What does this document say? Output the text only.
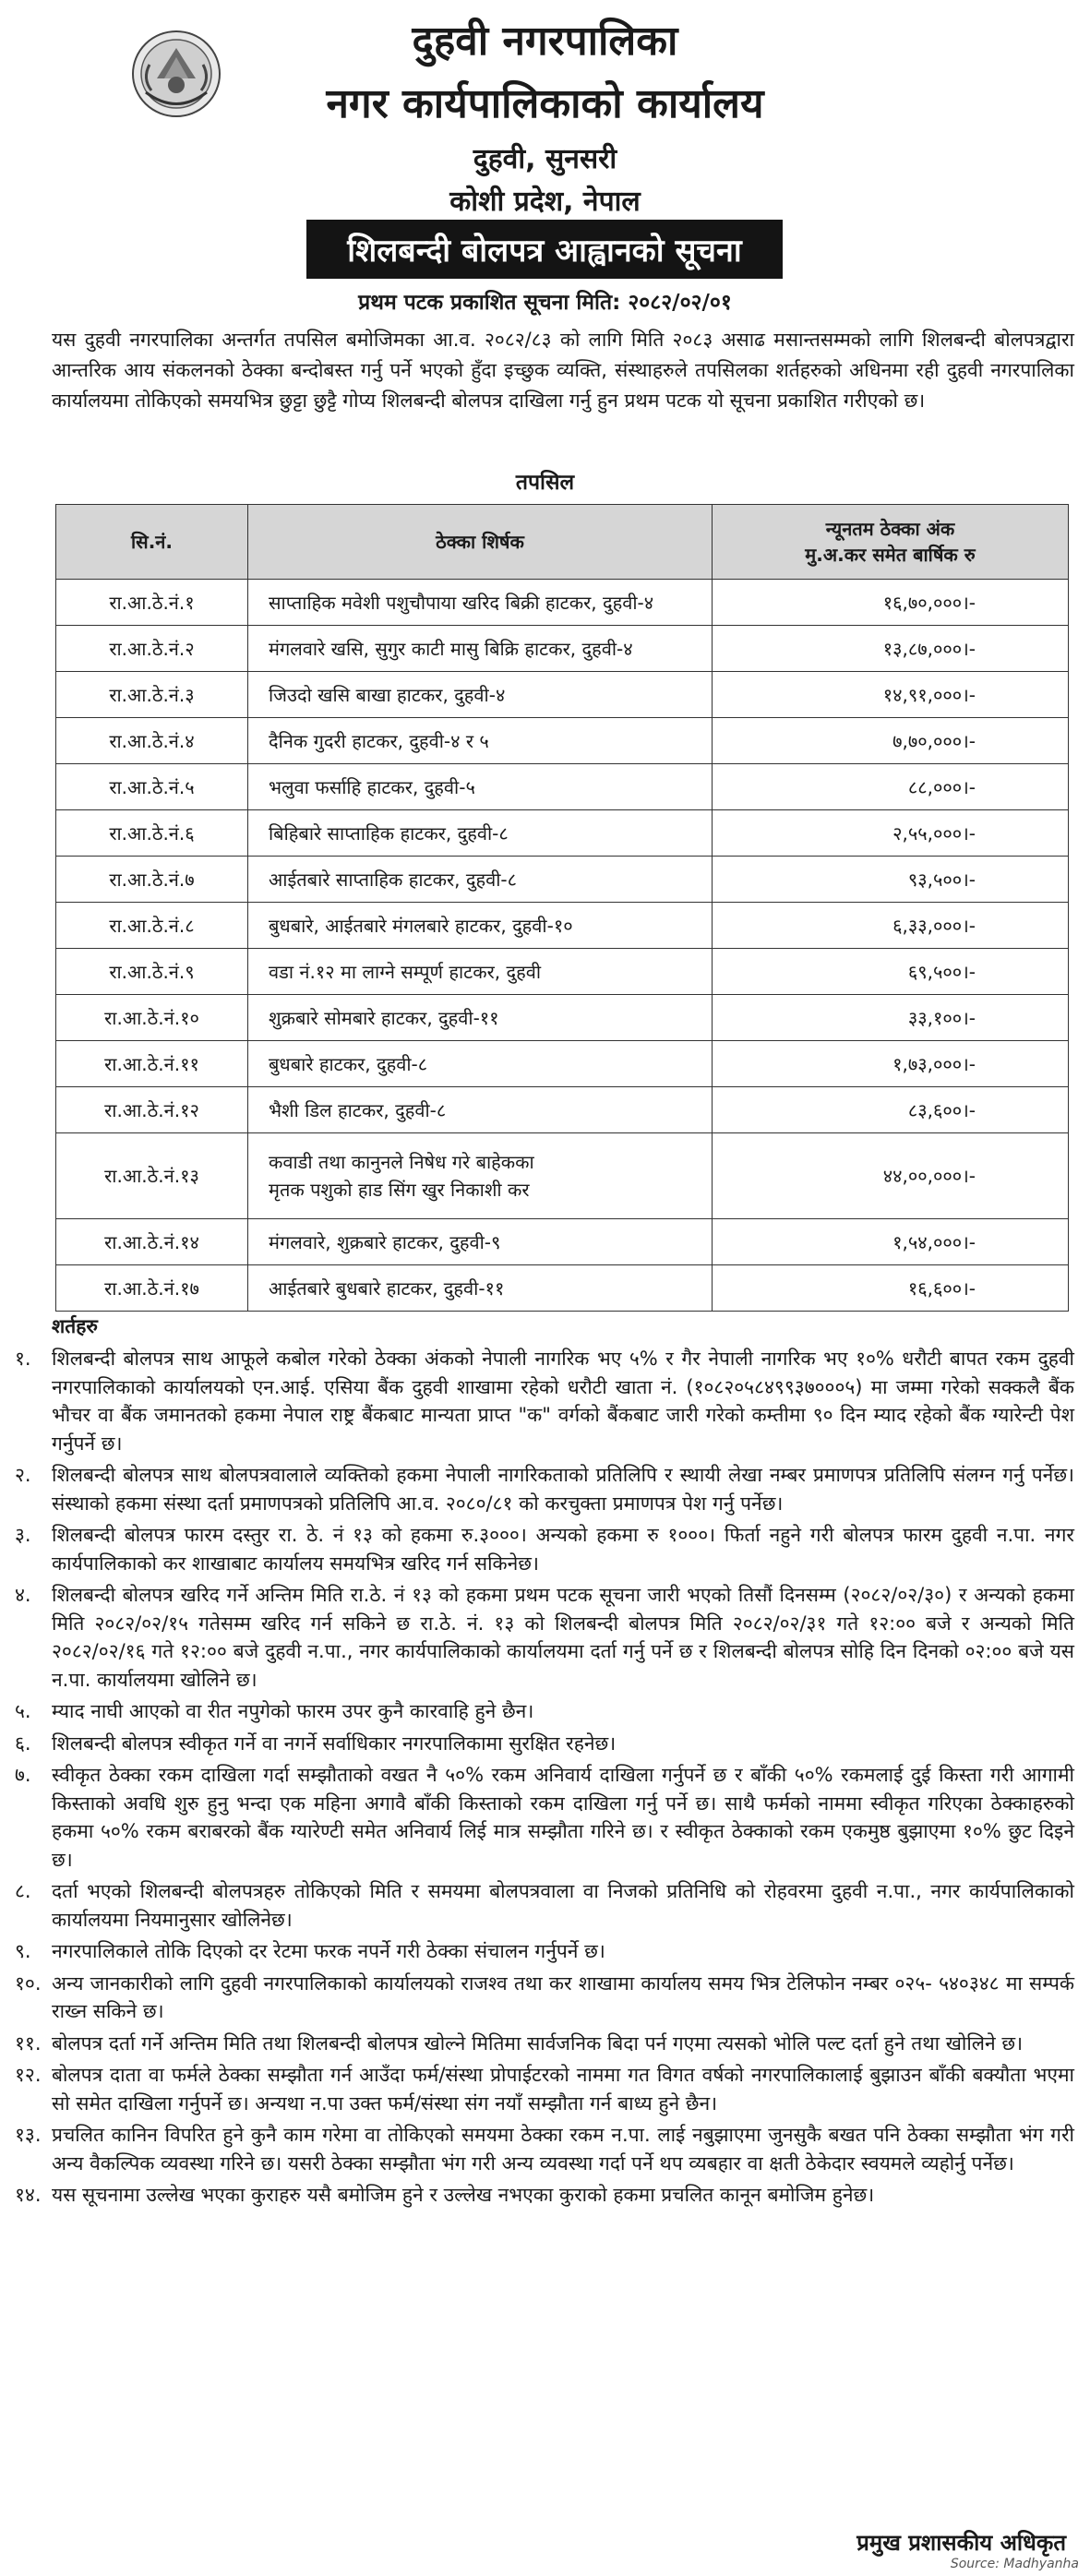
दुहवी नगरपालिका
नगर कार्यपालिकाको कार्यालय
दुहवी, सुनसरी
कोशी प्रदेश, नेपाल
शिलबन्दी बोलपत्र आह्वानको सूचना
प्रथम पटक प्रकाशित सूचना मिति: २०८२/०२/०१
यस दुहवी नगरपालिका अन्तर्गत तपसिल बमोजिमका आ.व. २०८२/८३ को लागि मिति २०८३ असाढ मसान्तसम्मको लागि शिलबन्दी बोलपत्रद्वारा आन्तरिक आय संकलनको ठेक्का बन्दोबस्त गर्नु पर्ने भएको हुँदा इच्छुक व्यक्ति, संस्थाहरुले तपसिलका शर्तहरुको अधिनमा रही दुहवी नगरपालिका कार्यालयमा तोकिएको समयभित्र छुट्टा छुट्टै गोप्य शिलबन्दी बोलपत्र दाखिला गर्नु हुन प्रथम पटक यो सूचना प्रकाशित गरीएको छ।
तपसिल
सि.नं.	ठेक्का शिर्षक	न्यूनतम ठेक्का अंक
मु.अ.कर समेत बार्षिक रु

रा.आ.ठे.नं.१	साप्ताहिक मवेशी पशुचौपाया खरिद बिक्री हाटकर, दुहवी-४	१६,७०,०००।-
रा.आ.ठे.नं.२	मंगलवारे खसि, सुगुर काटी मासु बिक्रि हाटकर, दुहवी-४	१३,८७,०००।-
रा.आ.ठे.नं.३	जिउदो खसि बाखा हाटकर, दुहवी-४	१४,९१,०००।-
रा.आ.ठे.नं.४	दैनिक गुदरी हाटकर, दुहवी-४ र ५	७,७०,०००।-
रा.आ.ठे.नं.५	भलुवा फर्साहि हाटकर, दुहवी-५	८८,०००।-
रा.आ.ठे.नं.६	बिहिबारे साप्ताहिक हाटकर, दुहवी-८	२,५५,०००।-
रा.आ.ठे.नं.७	आईतबारे साप्ताहिक हाटकर, दुहवी-८	९३,५००।-
रा.आ.ठे.नं.८	बुधबारे, आईतबारे मंगलबारे हाटकर, दुहवी-१०	६,३३,०००।-
रा.आ.ठे.नं.९	वडा नं.१२ मा लाग्ने सम्पूर्ण हाटकर, दुहवी	६९,५००।-
रा.आ.ठे.नं.१०	शुक्रबारे सोमबारे हाटकर, दुहवी-११	३३,१००।-
रा.आ.ठे.नं.११	बुधबारे हाटकर, दुहवी-८	१,७३,०००।-
रा.आ.ठे.नं.१२	भैशी डिल हाटकर, दुहवी-८	८३,६००।-
रा.आ.ठे.नं.१३	कवाडी तथा कानुनले निषेध गरे बाहेकका
मृतक पशुको हाड सिंग खुर निकाशी कर	४४,००,०००।-
रा.आ.ठे.नं.१४	मंगलवारे, शुक्रबारे हाटकर, दुहवी-९	१,५४,०००।-
रा.आ.ठे.नं.१७	आईतबारे बुधबारे हाटकर, दुहवी-११	१६,६००।-
शर्तहरु
१.	शिलबन्दी बोलपत्र साथ आफूले कबोल गरेको ठेक्का अंकको नेपाली नागरिक भए ५% र गैर नेपाली नागरिक भए १०% धरौटी बापत रकम दुहवी नगरपालिकाको कार्यालयको एन.आई. एसिया बैंक दुहवी शाखामा रहेको धरौटी खाता नं. (१०८२०५८४९९३७०००५) मा जम्मा गरेको सक्कलै बैंक भौचर वा बैंक जमानतको हकमा नेपाल राष्ट्र बैंकबाट मान्यता प्राप्त "क" वर्गको बैंकबाट जारी गरेको कम्तीमा ९० दिन म्याद रहेको बैंक ग्यारेन्टी पेश गर्नुपर्ने छ।
२.	शिलबन्दी बोलपत्र साथ बोलपत्रवालाले व्यक्तिको हकमा नेपाली नागरिकताको प्रतिलिपि र स्थायी लेखा नम्बर प्रमाणपत्र प्रतिलिपि संलग्न गर्नु पर्नेछ। संस्थाको हकमा संस्था दर्ता प्रमाणपत्रको प्रतिलिपि आ.व. २०८०/८१ को करचुक्ता प्रमाणपत्र पेश गर्नु पर्नेछ।
३.	शिलबन्दी बोलपत्र फारम दस्तुर रा. ठे. नं १३ को हकमा रु.३०००। अन्यको हकमा रु १०००। फिर्ता नहुने गरी बोलपत्र फारम दुहवी न.पा. नगर कार्यपालिकाको कर शाखाबाट कार्यालय समयभित्र खरिद गर्न सकिनेछ।
४.	शिलबन्दी बोलपत्र खरिद गर्ने अन्तिम मिति रा.ठे. नं १३ को हकमा प्रथम पटक सूचना जारी भएको तिसौं दिनसम्म (२०८२/०२/३०) र अन्यको हकमा मिति २०८२/०२/१५ गतेसम्म खरिद गर्न सकिने छ रा.ठे. नं. १३ को शिलबन्दी बोलपत्र मिति २०८२/०२/३१ गते १२:०० बजे र अन्यको मिति २०८२/०२/१६ गते १२:०० बजे दुहवी न.पा., नगर कार्यपालिकाको कार्यालयमा दर्ता गर्नु पर्ने छ र शिलबन्दी बोलपत्र सोहि दिन दिनको ०२:०० बजे यस न.पा. कार्यालयमा खोलिने छ।
५.	म्याद नाघी आएको वा रीत नपुगेको फारम उपर कुनै कारवाहि हुने छैन।
६.	शिलबन्दी बोलपत्र स्वीकृत गर्ने वा नगर्ने सर्वाधिकार नगरपालिकामा सुरक्षित रहनेछ।
७.	स्वीकृत ठेक्का रकम दाखिला गर्दा सम्झौताको वखत नै ५०% रकम अनिवार्य दाखिला गर्नुपर्ने छ र बाँकी ५०% रकमलाई दुई किस्ता गरी आगामी किस्ताको अवधि शुरु हुनु भन्दा एक महिना अगावै बाँकी किस्ताको रकम दाखिला गर्नु पर्ने छ। साथै फर्मको नाममा स्वीकृत गरिएका ठेक्काहरुको हकमा ५०% रकम बराबरको बैंक ग्यारेण्टी समेत अनिवार्य लिई मात्र सम्झौता गरिने छ। र स्वीकृत ठेक्काको रकम एकमुष्ठ बुझाएमा १०% छुट दिइने छ।
८.	दर्ता भएको शिलबन्दी बोलपत्रहरु तोकिएको मिति र समयमा बोलपत्रवाला वा निजको प्रतिनिधि को रोहवरमा दुहवी न.पा., नगर कार्यपालिकाको कार्यालयमा नियमानुसार खोलिनेछ।
९.	नगरपालिकाले तोकि दिएको दर रेटमा फरक नपर्ने गरी ठेक्का संचालन गर्नुपर्ने छ।
१०. अन्य जानकारीको लागि दुहवी नगरपालिकाको कार्यालयको राजश्व तथा कर शाखामा कार्यालय समय भित्र टेलिफोन नम्बर ०२५- ५४०३४८ मा सम्पर्क राख्न सकिने छ।
११. बोलपत्र दर्ता गर्ने अन्तिम मिति तथा शिलबन्दी बोलपत्र खोल्ने मितिमा सार्वजनिक बिदा पर्न गएमा त्यसको भोलि पल्ट दर्ता हुने तथा खोलिने छ।
१२. बोलपत्र दाता वा फर्मले ठेक्का सम्झौता गर्न आउँदा फर्म/संस्था प्रोपाईटरको नाममा गत विगत वर्षको नगरपालिकालाई बुझाउन बाँकी बक्यौता भएमा सो समेत दाखिला गर्नुपर्ने छ। अन्यथा न.पा उक्त फर्म/संस्था संग नयाँ सम्झौता गर्न बाध्य हुने छैन।
१३. प्रचलित कानिन विपरित हुने कुनै काम गरेमा वा तोकिएको समयमा ठेक्का रकम न.पा. लाई नबुझाएमा जुनसुकै बखत पनि ठेक्का सम्झौता भंग गरी अन्य वैकल्पिक व्यवस्था गरिने छ। यसरी ठेक्का सम्झौता भंग गरी अन्य व्यवस्था गर्दा पर्ने थप व्यबहार वा क्षती ठेकेदार स्वयमले व्यहोर्नु पर्नेछ।
१४. यस सूचनामा उल्लेख भएका कुराहरु यसै बमोजिम हुने र उल्लेख नभएका कुराको हकमा प्रचलित कानून बमोजिम हुनेछ।
प्रमुख प्रशासकीय अधिकृत
Source: Madhyanha
